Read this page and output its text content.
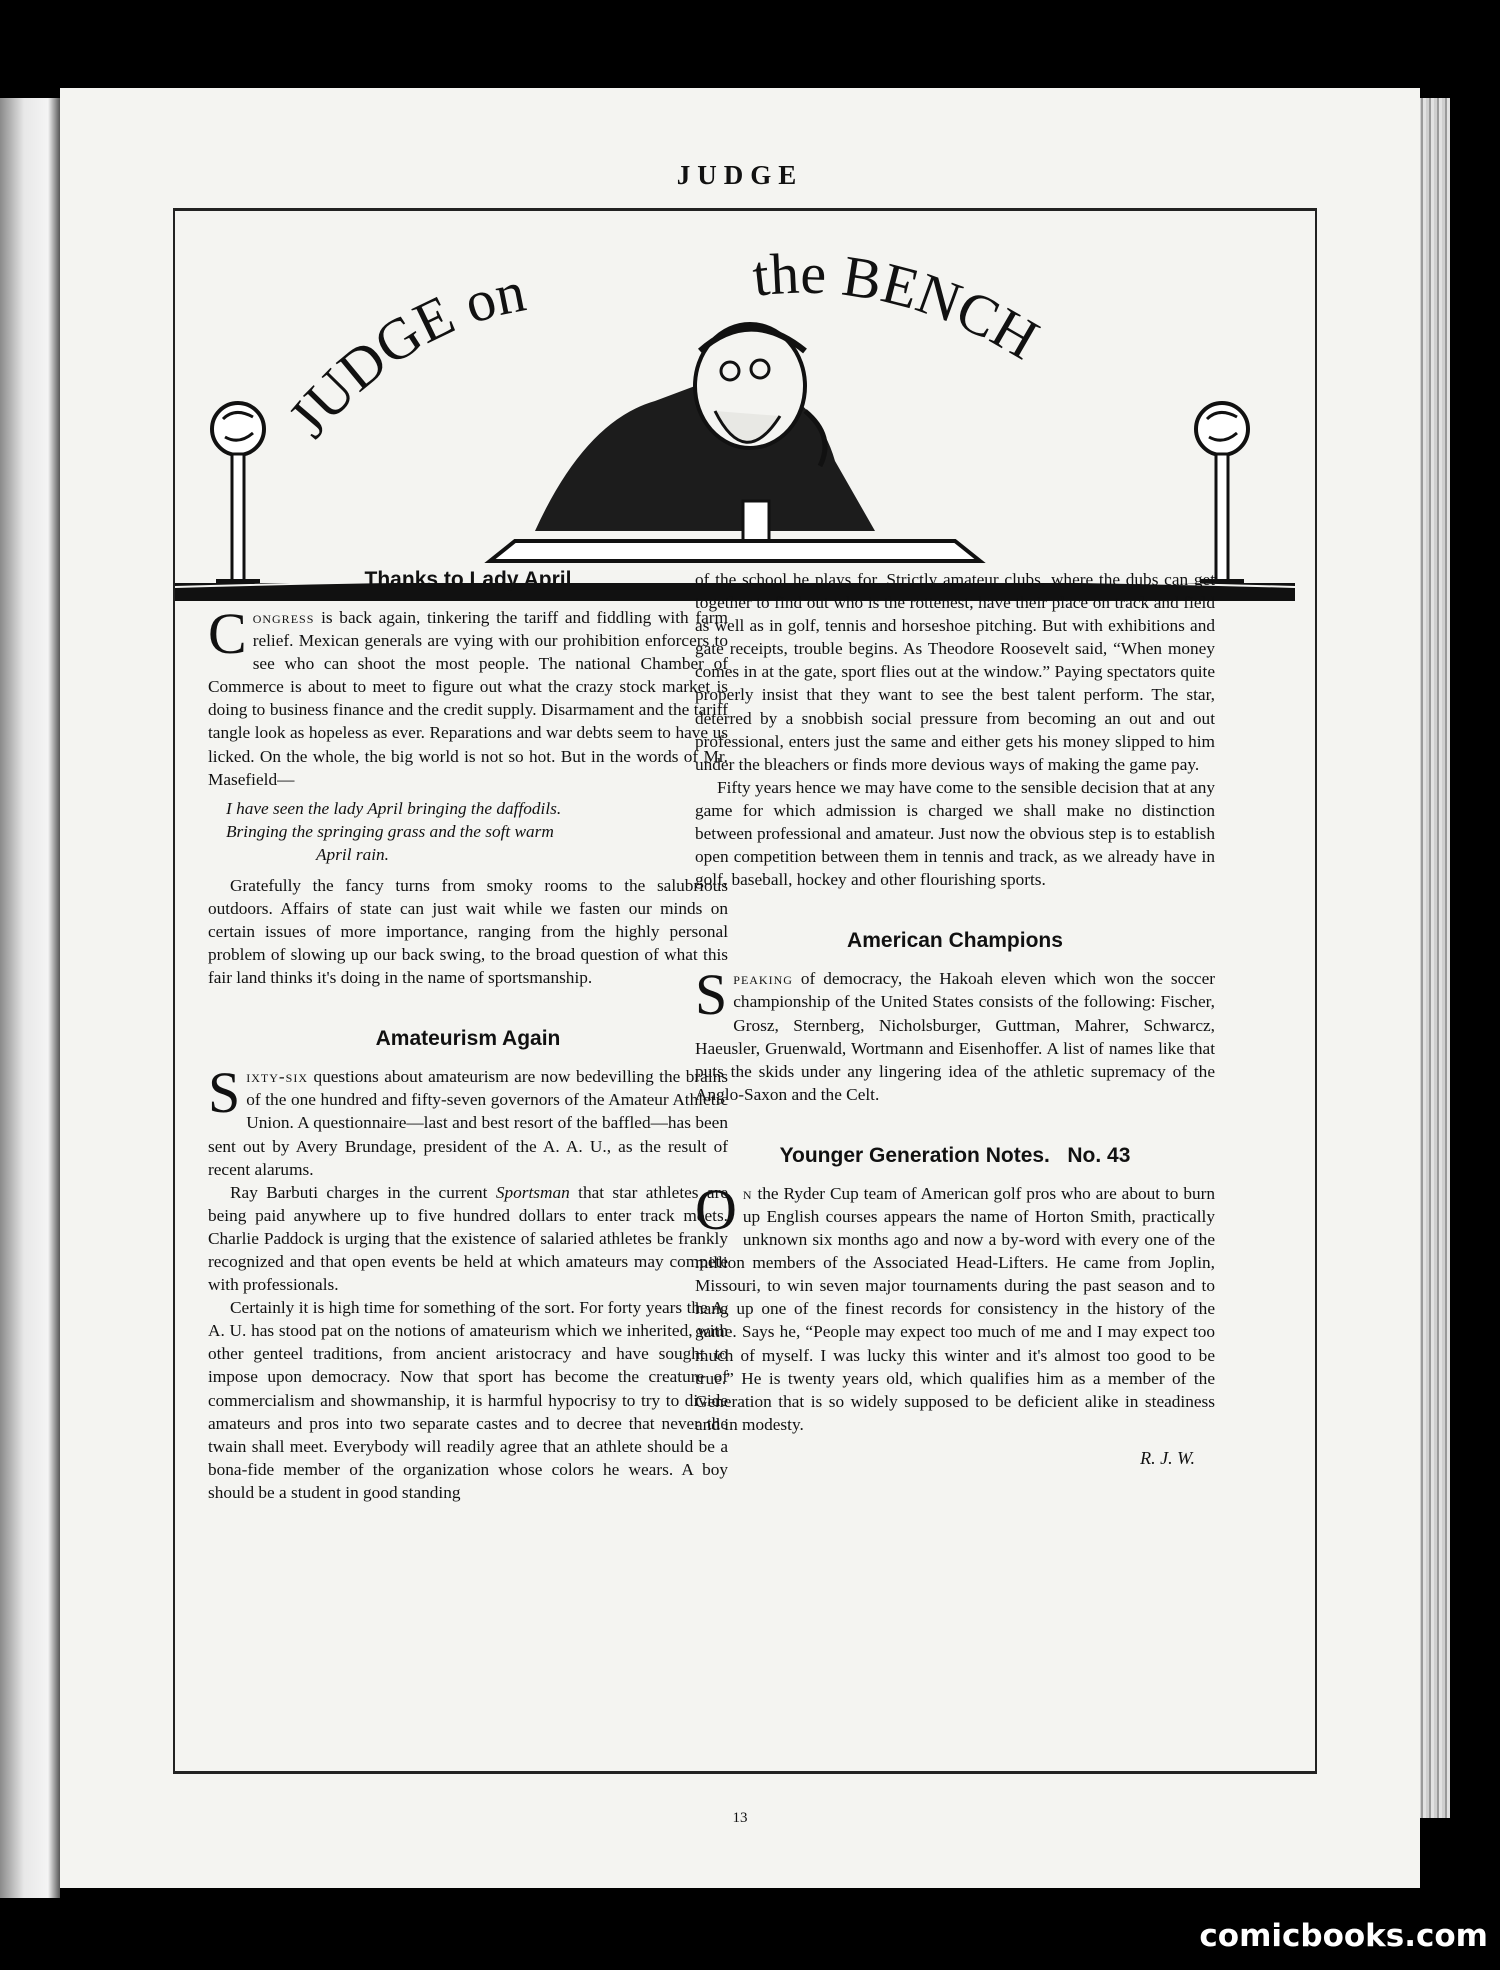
JUDGE
JUDGE on	the BENCH
Thanks to Lady April

Congress is back again, tinkering the tariff and fiddling with farm relief. Mexican generals are vying with our prohibition enforcers to see who can shoot the most people. The national Chamber of Commerce is about to meet to figure out what the crazy stock market is doing to business finance and the credit supply. Disarmament and the tariff tangle look as hopeless as ever. Reparations and war debts seem to have us licked. On the whole, the big world is not so hot. But in the words of Mr. Masefield—

I have seen the lady April bringing the daffodils.
Bringing the springing grass and the soft warm
April rain.

Gratefully the fancy turns from smoky rooms to the salubrious outdoors. Affairs of state can just wait while we fasten our minds on certain issues of more importance, ranging from the highly personal problem of slowing up our back swing, to the broad question of what this fair land thinks it's doing in the name of sportsmanship.

Amateurism Again

Sixty-six questions about amateurism are now bedevilling the brains of the one hundred and fifty-seven governors of the Amateur Athletic Union. A questionnaire—last and best resort of the baffled—has been sent out by Avery Brundage, president of the A. A. U., as the result of recent alarums.

Ray Barbuti charges in the current Sportsman that star athletes are being paid anywhere up to five hundred dollars to enter track meets. Charlie Paddock is urging that the existence of salaried athletes be frankly recognized and that open events be held at which amateurs may compete with professionals.

Certainly it is high time for something of the sort. For forty years the A. A. U. has stood pat on the notions of amateurism which we inherited, with other genteel traditions, from ancient aristocracy and have sought to impose upon democracy. Now that sport has become the creature of commercialism and showmanship, it is harmful hypocrisy to try to divide amateurs and pros into two separate castes and to decree that never the twain shall meet. Everybody will readily agree that an athlete should be a bona-fide member of the organization whose colors he wears. A boy should be a student in good standing

of the school he plays for. Strictly amateur clubs, where the dubs can get together to find out who is the rottenest, have their place on track and field as well as in golf, tennis and horseshoe pitching. But with exhibitions and gate receipts, trouble begins. As Theodore Roosevelt said, “When money comes in at the gate, sport flies out at the window.” Paying spectators quite properly insist that they want to see the best talent perform. The star, deterred by a snobbish social pressure from becoming an out and out professional, enters just the same and either gets his money slipped to him under the bleachers or finds more devious ways of making the game pay.

Fifty years hence we may have come to the sensible decision that at any game for which admission is charged we shall make no distinction between professional and amateur. Just now the obvious step is to establish open competition between them in tennis and track, as we already have in golf, baseball, hockey and other flourishing sports.

American Champions

Speaking of democracy, the Hakoah eleven which won the soccer championship of the United States consists of the following: Fischer, Grosz, Sternberg, Nicholsburger, Guttman, Mahrer, Schwarcz, Haeusler, Gruenwald, Wortmann and Eisenhoffer. A list of names like that puts the skids under any lingering idea of the athletic supremacy of the Anglo-Saxon and the Celt.

Younger Generation Notes.   No. 43

On the Ryder Cup team of American golf pros who are about to burn up English courses appears the name of Horton Smith, practically unknown six months ago and now a by-word with every one of the million members of the Associated Head-Lifters. He came from Joplin, Missouri, to win seven major tournaments during the past season and to hang up one of the finest records for consistency in the history of the game. Says he, “People may expect too much of me and I may expect too much of myself. I was lucky this winter and it's almost too good to be true.” He is twenty years old, which qualifies him as a member of the Generation that is so widely supposed to be deficient alike in steadiness and in modesty.

R. J. W.
13
comicbooks.com
